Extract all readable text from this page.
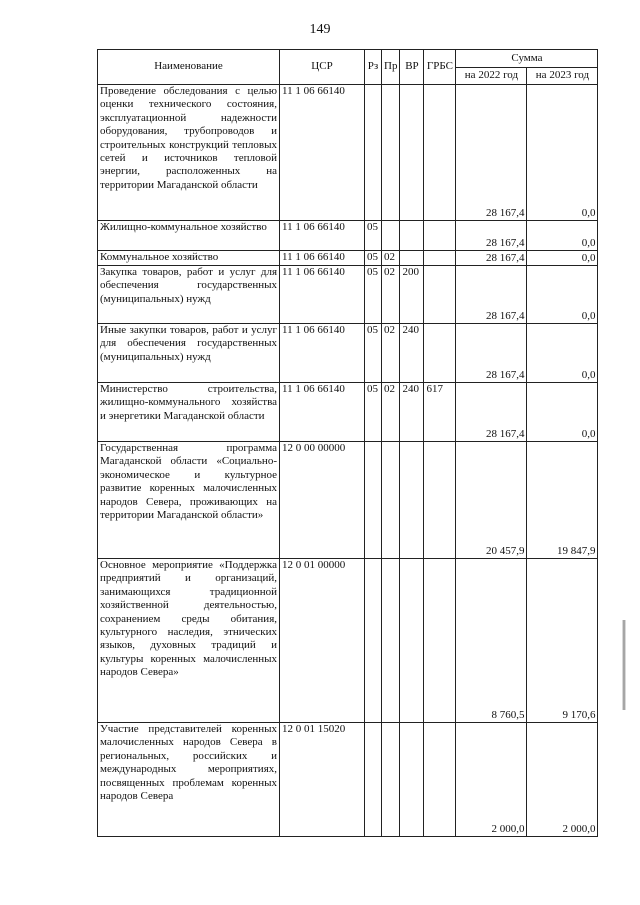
149
Наименование	ЦСР	Рз	Пр	ВР	ГРБС	Сумма	
						на 2022 год	на 2023 год
Проведение обследования с целью оценки технического состояния, эксплуатационной надежности оборудования, трубопроводов и строительных конструкций тепловых сетей и источников тепловой энергии, расположенных на территории Магаданской области	11 1 06 66140					28 167,4	0,0
Жилищно-коммунальное хозяйство	11 1 06 66140	05				28 167,4	0,0
Коммунальное хозяйство	11 1 06 66140	05	02			28 167,4	0,0
Закупка товаров, работ и услуг для обеспечения государственных (муниципальных) нужд	11 1 06 66140	05	02	200		28 167,4	0,0
Иные закупки товаров, работ и услуг для обеспечения государственных (муниципальных) нужд	11 1 06 66140	05	02	240		28 167,4	0,0
Министерство строительства, жилищно-коммунального хозяйства и энергетики Магаданской области	11 1 06 66140	05	02	240	617	28 167,4	0,0
Государственная программа Магаданской области «Социально-экономическое и культурное развитие коренных малочисленных народов Севера, проживающих на территории Магаданской области»	12 0 00 00000					20 457,9	19 847,9
Основное мероприятие «Поддержка предприятий и организаций, занимающихся традиционной хозяйственной деятельностью, сохранением среды обитания, культурного наследия, этнических языков, духовных традиций и культуры коренных малочисленных народов Севера»	12 0 01 00000					8 760,5	9 170,6
Участие представителей коренных малочисленных народов Севера в региональных, российских и международных мероприятиях, посвященных проблемам коренных народов Севера	12 0 01 15020					2 000,0	2 000,0
